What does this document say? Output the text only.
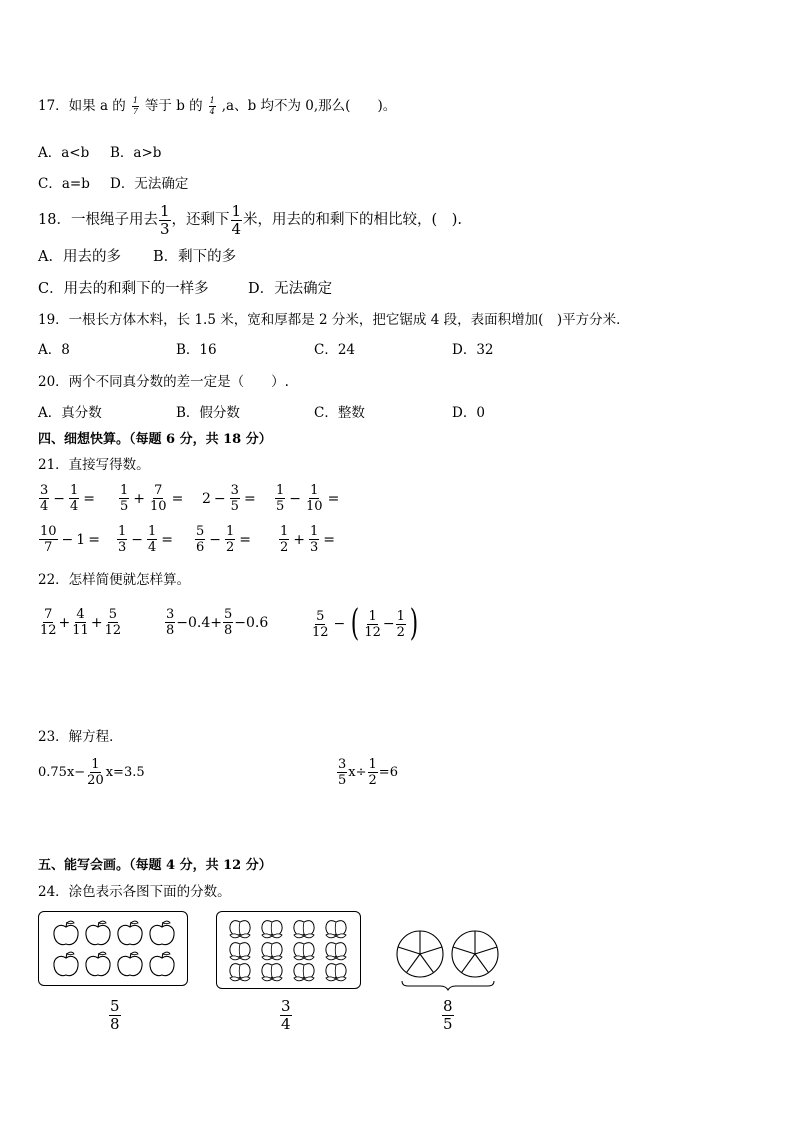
17．如果 a 的 $\frac{1}{7}$ 等于 b 的 $\frac{1}{4} ,a$、b 均不为 0,那么(　　)。
A．a<b B．a>b
C．a=b D．无法确定
18．一根绳子用去 $\frac{1}{3}$ ，还剩下 $\frac{1}{4}$ 米，用去的和剩下的相比较，(　).
A．用去的多 B．剩下的多
C．用去的和剩下的一样多	D．无法确定
19．一根长方体木料，长 1.5 米，宽和厚都是 2 分米，把它锯成 4 段，表面积增加(　)平方分米．
A．8	B．16	C．24	D．32
20．两个不同真分数的差一定是（　　）.
A．真分数	B．假分数	C．整数	D．0
四、细想快算。（每题 6 分，共 18 分）
21．直接写得数。
$\frac{3}{4} - \frac{1}{4} = \frac{1}{5} + \frac{7}{10} = 2 - \frac{3}{5} = \frac{1}{5} - \frac{1}{10}$ =
$\frac{10}{7} - 1 = \frac{1}{3} - \frac{1}{4} = \frac{5}{6} - \frac{1}{2} = \frac{1}{2} + \frac{1}{3}$ =
22．怎样简便就怎样算。
$\frac{7}{12} + \frac{4}{11} + \frac{5}{12}$	$\frac{3}{8} -0.4+ \frac{5}{8} -0.6$	$\frac{5}{12}$ − ( $\frac{1}{12} - \frac{1}{2}$ )
23．解方程．
$0.75x- \frac{1}{20} x=3.5$	$\frac{3}{5} x\div \frac{1}{2} =6$
五、能写会画。（每题 4 分，共 12 分）
24．涂色表示各图下面的分数。
$\frac{5}{8}$	$\frac{3}{4}$	$\frac{8}{5}$
